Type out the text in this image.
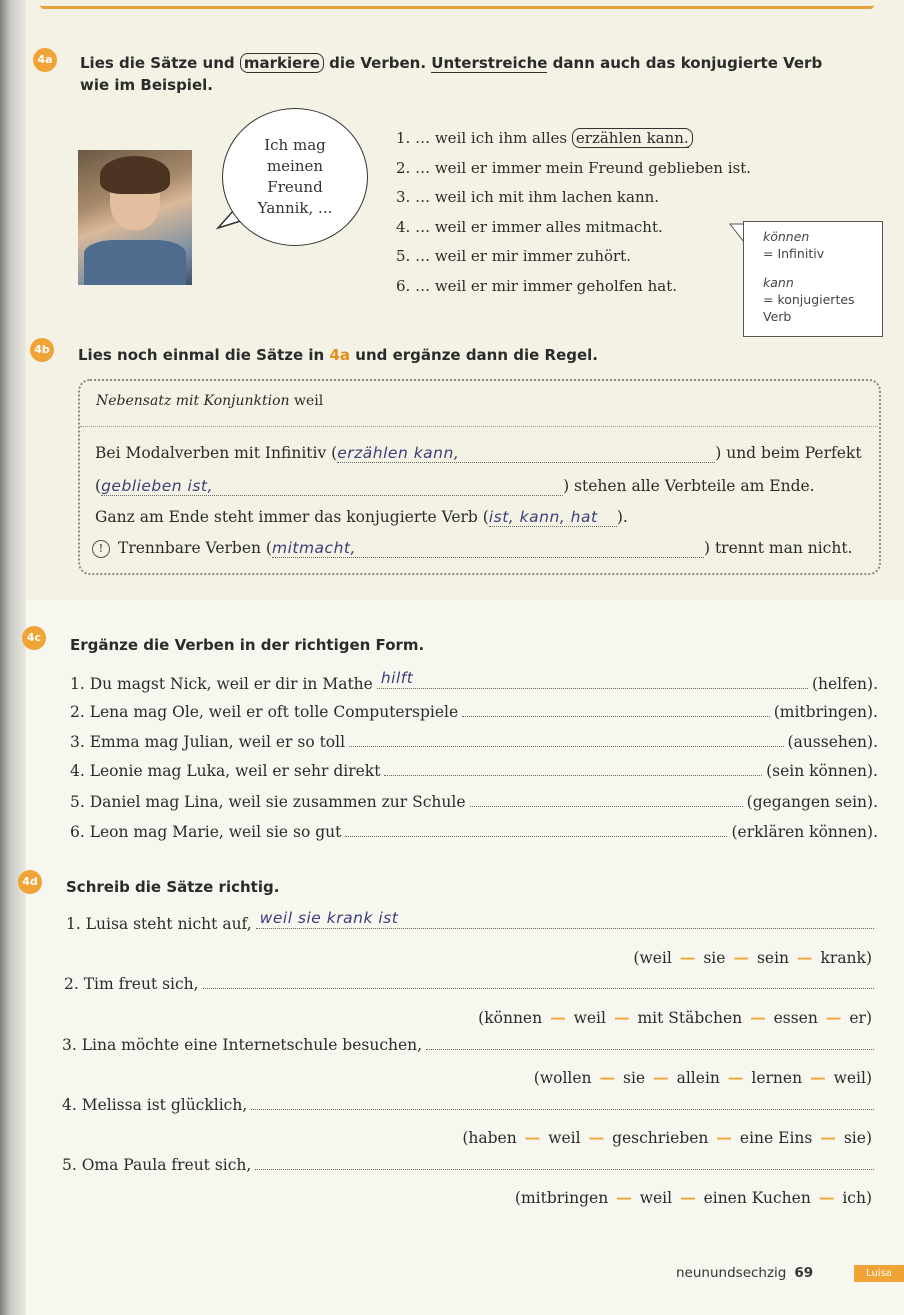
4a Lies die Sätze und markiere die Verben. Unterstreiche dann auch das konjugierte Verb
wie im Beispiel.
Ich mag meinen Freund Yannik, ...
1. … weil ich ihm alles erzählen kann.
2. … weil er immer mein Freund geblieben ist.
3. … weil ich mit ihm lachen kann.
4. … weil er immer alles mitmacht.
5. … weil er mir immer zuhört.
6. … weil er mir immer geholfen hat.
können
= Infinitiv
kann
= konjugiertes
Verb
4b Lies noch einmal die Sätze in 4a und ergänze dann die Regel.
Nebensatz mit Konjunktion weil
Bei Modalverben mit Infinitiv (erzählen kann,	) und beim Perfekt
(geblieben ist,	) stehen alle Verbteile am Ende.
Ganz am Ende steht immer das konjugierte Verb (ist, kann, hat ).
! Trennbare Verben (mitmacht,	) trennt man nicht.
4c	Ergänze die Verben in der richtigen Form.
1. Du magst Nick, weil er dir in Mathe hilft	(helfen).
2. Lena mag Ole, weil er oft tolle Computerspiele	(mitbringen).
3. Emma mag Julian, weil er so toll	(aussehen).
4. Leonie mag Luka, weil er sehr direkt	(sein können).
5. Daniel mag Lina, weil sie zusammen zur Schule	(gegangen sein).
6. Leon mag Marie, weil sie so gut	(erklären können).
4d Schreib die Sätze richtig.
1. Luisa steht nicht auf, weil sie krank ist
(weil — sie — sein — krank)
2. Tim freut sich,
(können — weil — mit Stäbchen — essen — er)
3. Lina möchte eine Internetschule besuchen,
(wollen — sie — allein — lernen — weil)
4. Melissa ist glücklich,
(haben — weil — geschrieben — eine Eins — sie)
5. Oma Paula freut sich,
(mitbringen — weil — einen Kuchen — ich)
neunundsechzig 69	Luisa
